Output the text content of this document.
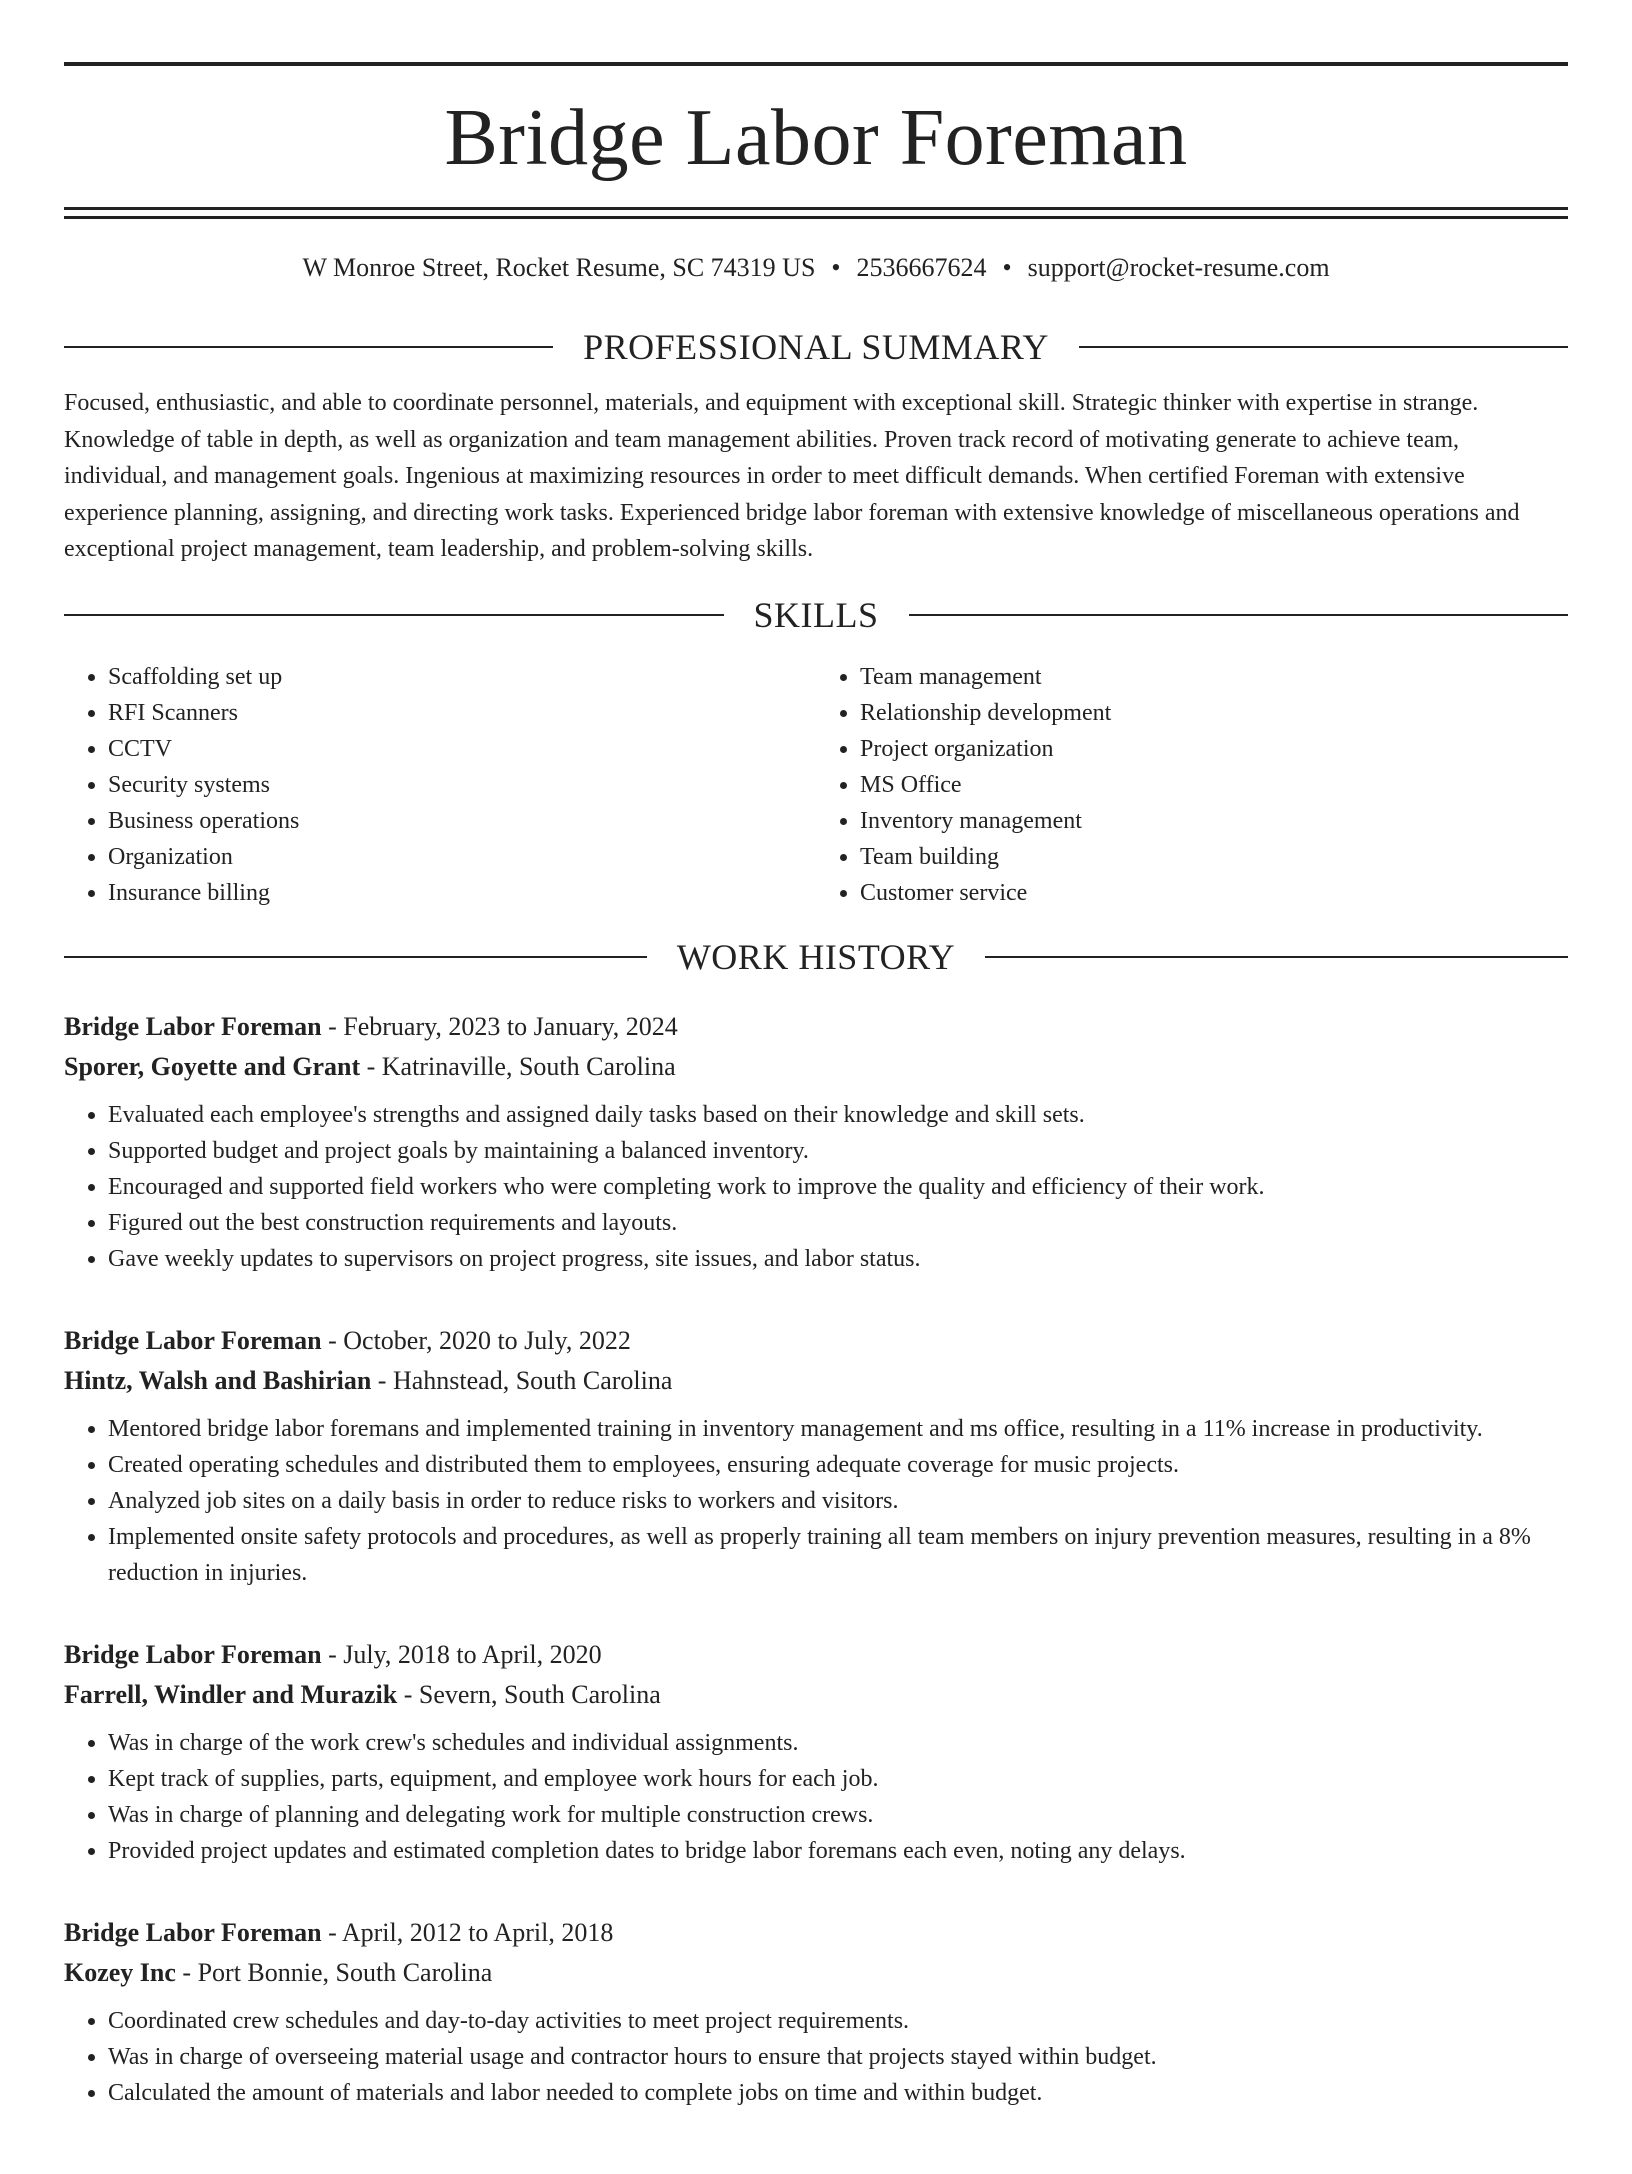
Bridge Labor Foreman
W Monroe Street, Rocket Resume, SC 74319 US • 2536667624 • support@rocket-resume.com
PROFESSIONAL SUMMARY
Focused, enthusiastic, and able to coordinate personnel, materials, and equipment with exceptional skill. Strategic thinker with expertise in strange. Knowledge of table in depth, as well as organization and team management abilities. Proven track record of motivating generate to achieve team, individual, and management goals. Ingenious at maximizing resources in order to meet difficult demands. When certified Foreman with extensive experience planning, assigning, and directing work tasks. Experienced bridge labor foreman with extensive knowledge of miscellaneous operations and exceptional project management, team leadership, and problem-solving skills.
SKILLS
• Scaffolding set up
• RFI Scanners
• CCTV
• Security systems
• Business operations
• Organization
• Insurance billing
• Team management
• Relationship development
• Project organization
• MS Office
• Inventory management
• Team building
• Customer service
WORK HISTORY
Bridge Labor Foreman - February, 2023 to January, 2024
Sporer, Goyette and Grant - Katrinaville, South Carolina
• Evaluated each employee's strengths and assigned daily tasks based on their knowledge and skill sets.
• Supported budget and project goals by maintaining a balanced inventory.
• Encouraged and supported field workers who were completing work to improve the quality and efficiency of their work.
• Figured out the best construction requirements and layouts.
• Gave weekly updates to supervisors on project progress, site issues, and labor status.
Bridge Labor Foreman - October, 2020 to July, 2022
Hintz, Walsh and Bashirian - Hahnstead, South Carolina
• Mentored bridge labor foremans and implemented training in inventory management and ms office, resulting in a 11% increase in productivity.
• Created operating schedules and distributed them to employees, ensuring adequate coverage for music projects.
• Analyzed job sites on a daily basis in order to reduce risks to workers and visitors.
• Implemented onsite safety protocols and procedures, as well as properly training all team members on injury prevention measures, resulting in a 8% reduction in injuries.
Bridge Labor Foreman - July, 2018 to April, 2020
Farrell, Windler and Murazik - Severn, South Carolina
• Was in charge of the work crew's schedules and individual assignments.
• Kept track of supplies, parts, equipment, and employee work hours for each job.
• Was in charge of planning and delegating work for multiple construction crews.
• Provided project updates and estimated completion dates to bridge labor foremans each even, noting any delays.
Bridge Labor Foreman - April, 2012 to April, 2018
Kozey Inc - Port Bonnie, South Carolina
• Coordinated crew schedules and day-to-day activities to meet project requirements.
• Was in charge of overseeing material usage and contractor hours to ensure that projects stayed within budget.
• Calculated the amount of materials and labor needed to complete jobs on time and within budget.
